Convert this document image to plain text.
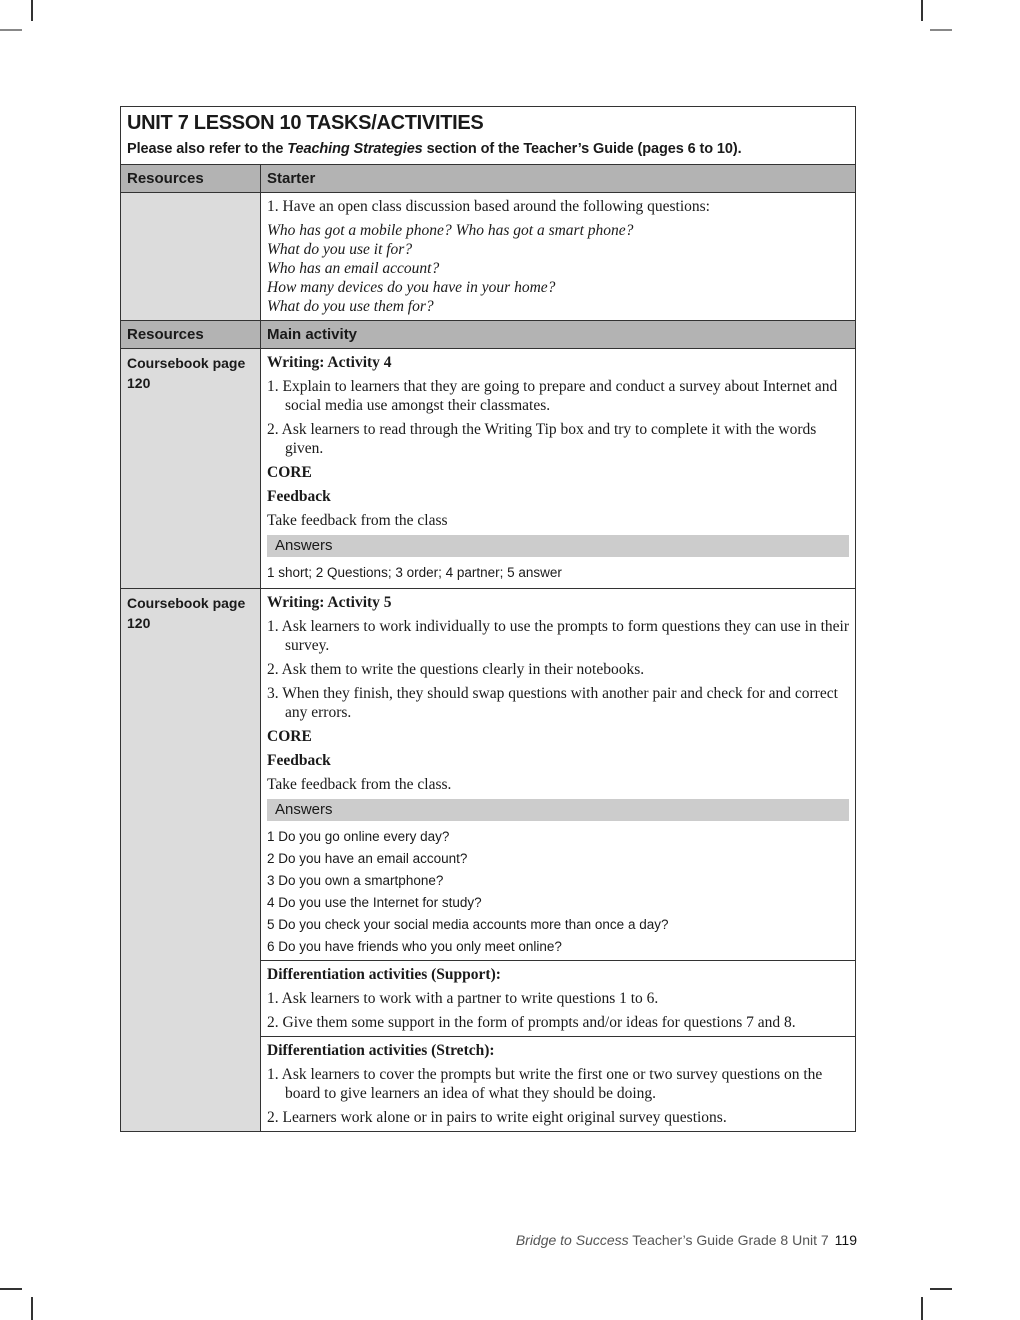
UNIT 7 LESSON 10 TASKS/ACTIVITIES
Please also refer to the Teaching Strategies section of the Teacher’s Guide (pages 6 to 10).
Resources	Starter

1. Have an open class discussion based around the following questions:

Who has got a mobile phone? Who has got a smart phone?

What do you use it for?

Who has an email account?

How many devices do you have in your home?

What do you use them for?

Resources	Main activity
Coursebook page 120

Writing: Activity 4

1. Explain to learners that they are going to prepare and conduct a survey about Internet and social media use amongst their classmates.

2. Ask learners to read through the Writing Tip box and try to complete it with the words given.

CORE

Feedback

Take feedback from the class

Answers

1 short; 2 Questions; 3 order; 4 partner; 5 answer

Coursebook page 120

Writing: Activity 5

1. Ask learners to work individually to use the prompts to form questions they can use in their survey.

2. Ask them to write the questions clearly in their notebooks.

3. When they finish, they should swap questions with another pair and check for and correct any errors.

CORE

Feedback

Take feedback from the class.

Answers

1 Do you go online every day?

2 Do you have an email account?

3 Do you own a smartphone?

4 Do you use the Internet for study?

5 Do you check your social media accounts more than once a day?

6 Do you have friends who you only meet online?

Differentiation activities (Support):

1. Ask learners to work with a partner to write questions 1 to 6.

2. Give them some support in the form of prompts and/or ideas for questions 7 and 8.

Differentiation activities (Stretch):

1. Ask learners to cover the prompts but write the first one or two survey questions on the board to give learners an idea of what they should be doing.

2. Learners work alone or in pairs to write eight original survey questions.

Bridge to Success Teacher’s Guide Grade 8 Unit 7 119
